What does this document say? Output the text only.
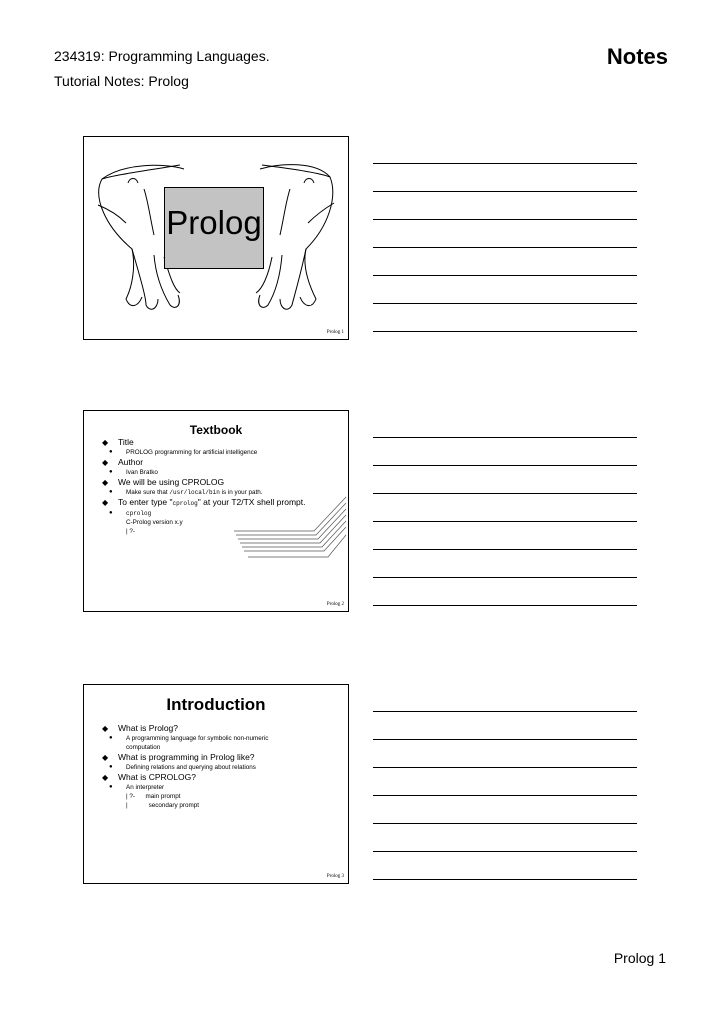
234319: Programming Languages.
Tutorial Notes: Prolog
Notes
Prolog
Prolog 1
Textbook
◆ Title
● PROLOG programming for artificial intelligence
◆ Author
● Ivan Bratko
◆ We will be using CPROLOG
● Make sure that /usr/local/bin is in your path.
◆ To enter type "cprolog" at your T2/TX shell prompt.
● cprolog
C-Prolog version x.y
| ?-
Prolog 2
Introduction
◆ What is Prolog?
● A programming language for symbolic non-numeric
computation
◆ What is programming in Prolog like?
● Defining relations and querying about relations
◆ What is CPROLOG?
● An interpreter
| ?-      main prompt
|            secondary prompt
Prolog 3
Prolog 1
